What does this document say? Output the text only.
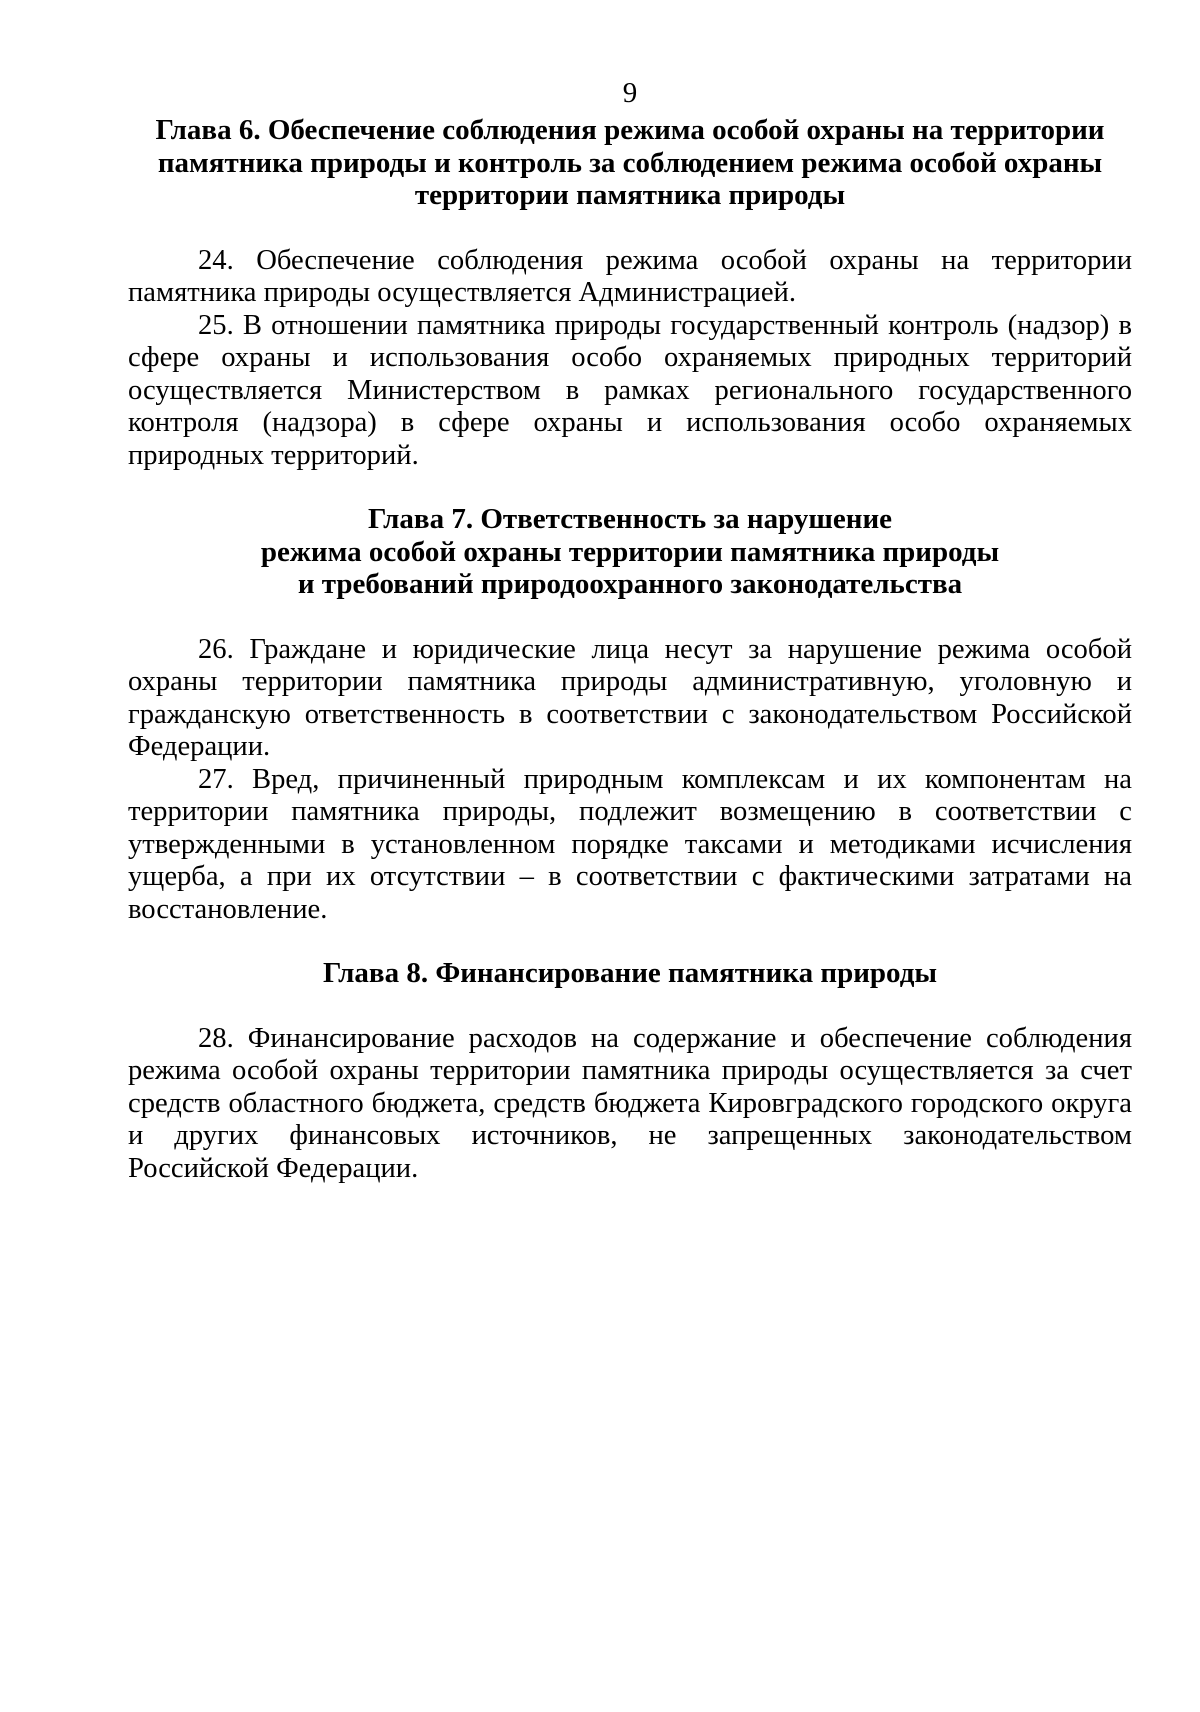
9
Глава 6. Обеспечение соблюдения режима особой охраны на территории
памятника природы и контроль за соблюдением режима особой охраны
территории памятника природы

24. Обеспечение соблюдения режима особой охраны на территории памятника природы осуществляется Администрацией.

25. В отношении памятника природы государственный контроль (надзор) в сфере охраны и использования особо охраняемых природных территорий осуществляется Министерством в рамках регионального государственного контроля (надзора) в сфере охраны и использования особо охраняемых природных территорий.

Глава 7. Ответственность за нарушение
режима особой охраны территории памятника природы
и требований природоохранного законодательства

26. Граждане и юридические лица несут за нарушение режима особой охраны территории памятника природы административную, уголовную и гражданскую ответственность в соответствии с законодательством Российской Федерации.

27. Вред, причиненный природным комплексам и их компонентам на территории памятника природы, подлежит возмещению в соответствии с утвержденными в установленном порядке таксами и методиками исчисления ущерба, а при их отсутствии – в соответствии с фактическими затратами на восстановление.

Глава 8. Финансирование памятника природы

28. Финансирование расходов на содержание и обеспечение соблюдения режима особой охраны территории памятника природы осуществляется за счет средств областного бюджета, средств бюджета Кировградского городского округа и других финансовых источников, не запрещенных законодательством Российской Федерации.
